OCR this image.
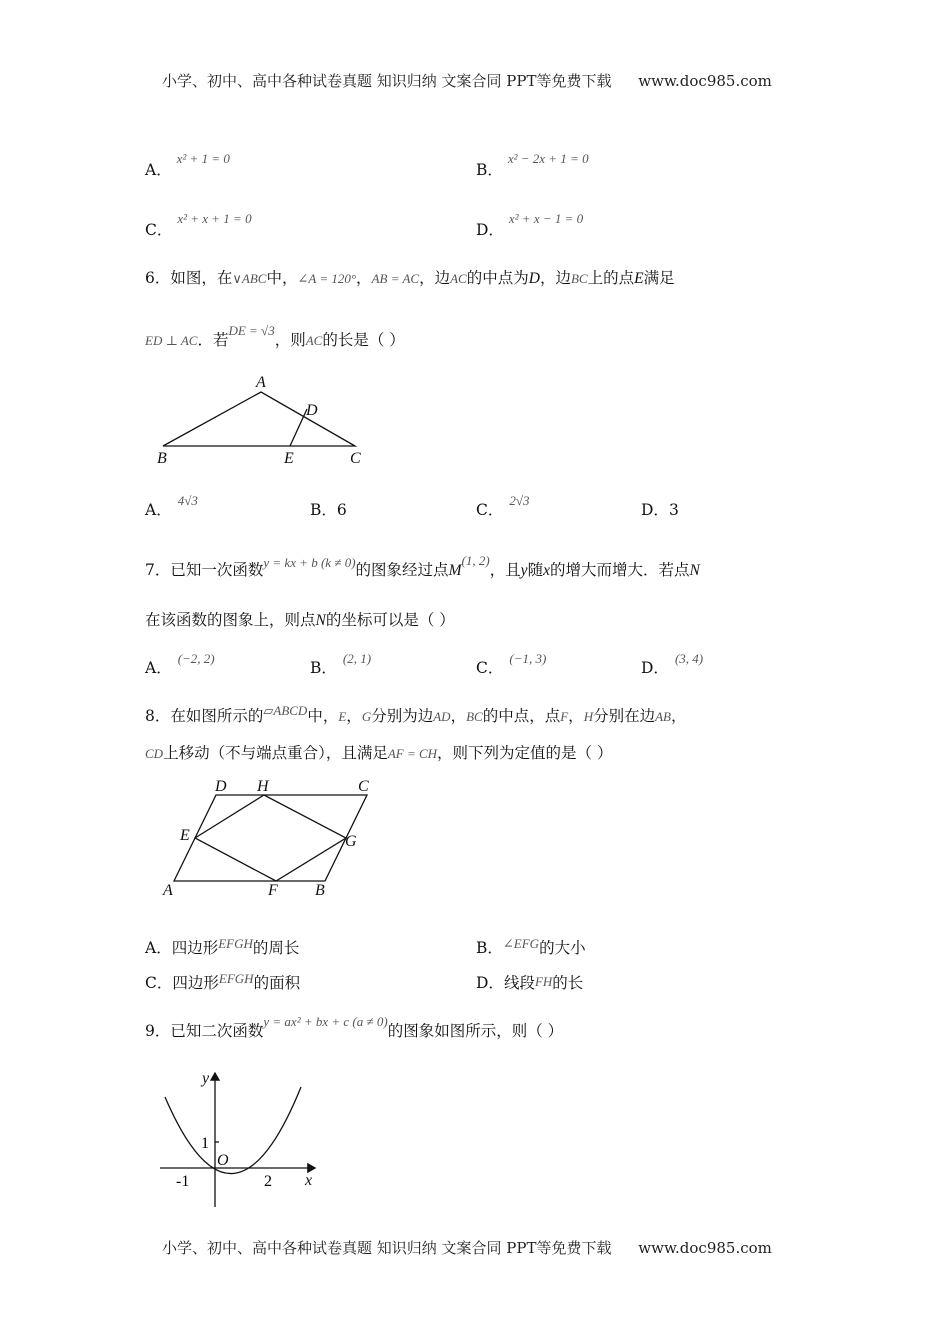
小学、初中、高中各种试卷真题 知识归纳 文案合同 PPT等免费下载 www.doc985.com
A． $^{x^2 + 1 = 0}$
B． $^{x^2 - 2x + 1 = 0}$
C． $^{x^2 + x + 1 = 0}$
D． $^{x^2 + x - 1 = 0}$
6．如图，在∨ABC中，∠A = 120°，AB = AC，边AC的中点为D，边BC上的点E满足
ED ⊥ AC．若$^{DE = √3}$，则AC的长是（ ）
A
B	C
D
E
A．$^{4√3}$
B．6	C．$^{2√3}$
D．3
7．已知一次函数$^{y = kx + b (k \ne 0)}$的图象经过点M$^{(1, 2)}$，且y随x的增大而增大．若点N
在该函数的图象上，则点N的坐标可以是（ ）
A．$^{(-2, 2)}$
B．$^{(2, 1)}$
C．$^{(-1, 3)}$
D．$^{(3, 4)}$
8．在如图所示的$^{▱ABCD}$中，E，G分别为边AD，BC的中点，点F，H分别在边AB，
CD上移动（不与端点重合），且满足AF = CH，则下列为定值的是（ ）
A	B
C
D
E
F
G
H
A．四边形$^{EFGH}$的周长	B．$^{\angle EFG}$的大小
C．四边形$^{EFGH}$的面积	D．线段FH的长
9．已知二次函数$^{y = ax^2 + bx + c (a \ne 0)}$的图象如图所示，则（ ）
y
x
1
O
-1	2
小学、初中、高中各种试卷真题 知识归纳 文案合同 PPT等免费下载 www.doc985.com
